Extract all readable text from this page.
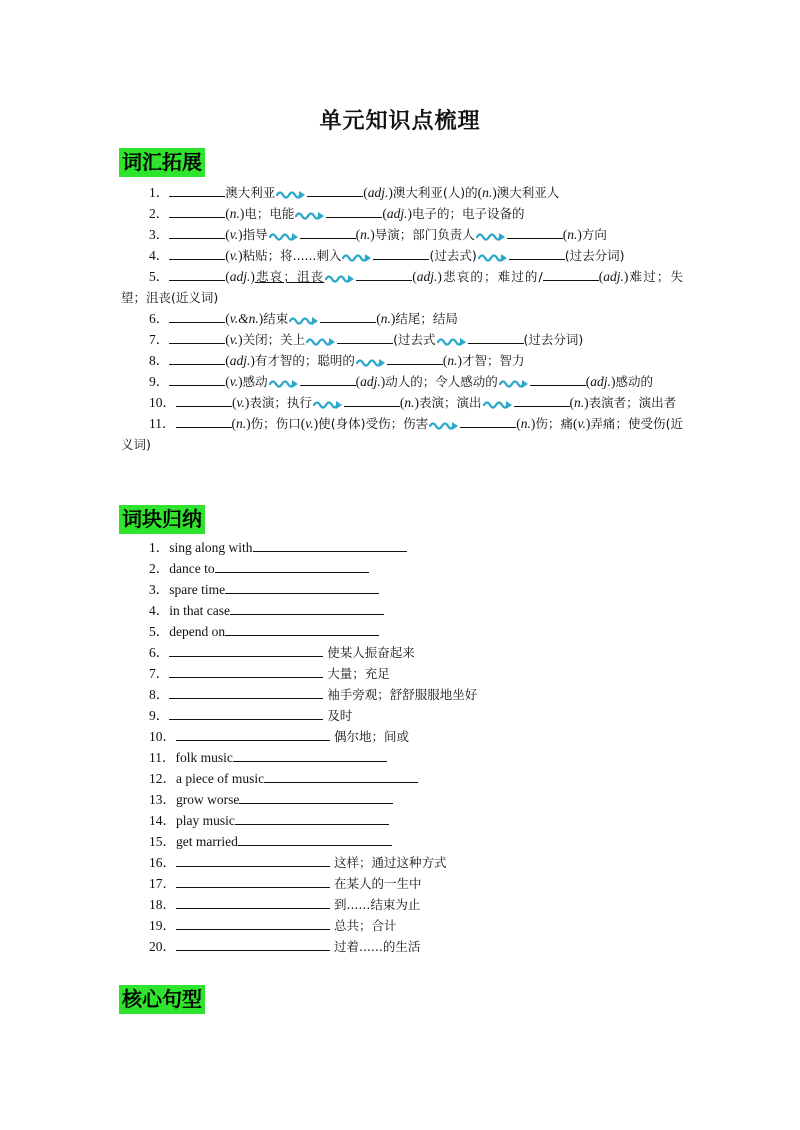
单元知识点梳理
词汇拓展
1．	澳大利亚	(adj.)澳大利亚(人)的(n.)澳大利亚人
2．	(n.)电；电能	(adj.)电子的；电子设备的
3．	(v.)指导	(n.)导演；部门负责人	(n.)方向
4．	(v.)粘贴；将......刺入	(过去式)	(过去分词)
5．	(adj.)悲哀；沮丧	(adj.)悲哀的；难过的/	(adj.)难过；失望；沮丧(近义词)
6．	(v.&n.)结束	(n.)结尾；结局
7．	(v.)关闭；关上	(过去式	(过去分词)
8．	(adj.)有才智的；聪明的	(n.)才智；智力
9．	(v.)感动	(adj.)动人的；令人感动的	(adj.)感动的
10．	(v.)表演；执行	(n.)表演；演出	(n.)表演者；演出者
11．	(n.)伤；伤口(v.)使(身体)受伤；伤害	(n.)伤；痛(v.)弄痛；使受伤(近义词)
词块归纳
1．sing along with
2．dance to
3．spare time
4．in that case
5．depend on
6．	使某人振奋起来
7．	大量；充足
8．	袖手旁观；舒舒服服地坐好
9．	及时
10．	偶尔地；间或
11．folk music
12．a piece of music
13．grow worse
14．play music
15．get married
16．	这样；通过这种方式
17．	在某人的一生中
18．	到......结束为止
19．	总共；合计
20．	过着......的生活
核心句型
